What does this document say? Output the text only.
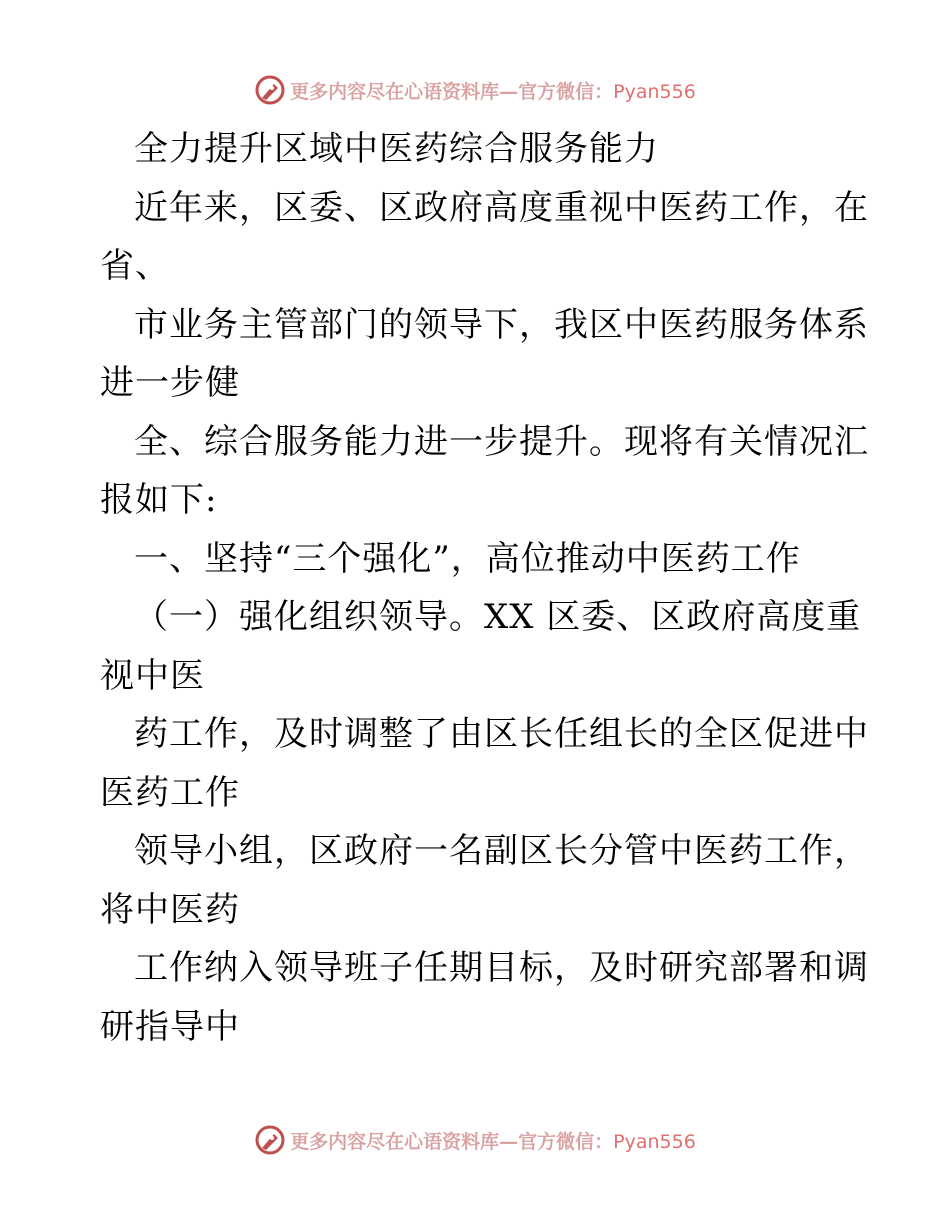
更多内容尽在心语资料库—官方微信：Pyan556
全力提升区域中医药综合服务能力
近年来，区委、区政府高度重视中医药工作，在
省、
市业务主管部门的领导下，我区中医药服务体系
进一步健
全、综合服务能力进一步提升。现将有关情况汇
报如下:
一、坚持“三个强化”，高位推动中医药工作
（一）强化组织领导。XX 区委、区政府高度重
视中医
药工作，及时调整了由区长任组长的全区促进中
医药工作
领导小组，区政府一名副区长分管中医药工作，
将中医药
工作纳入领导班子任期目标，及时研究部署和调
研指导中
更多内容尽在心语资料库—官方微信：Pyan556
